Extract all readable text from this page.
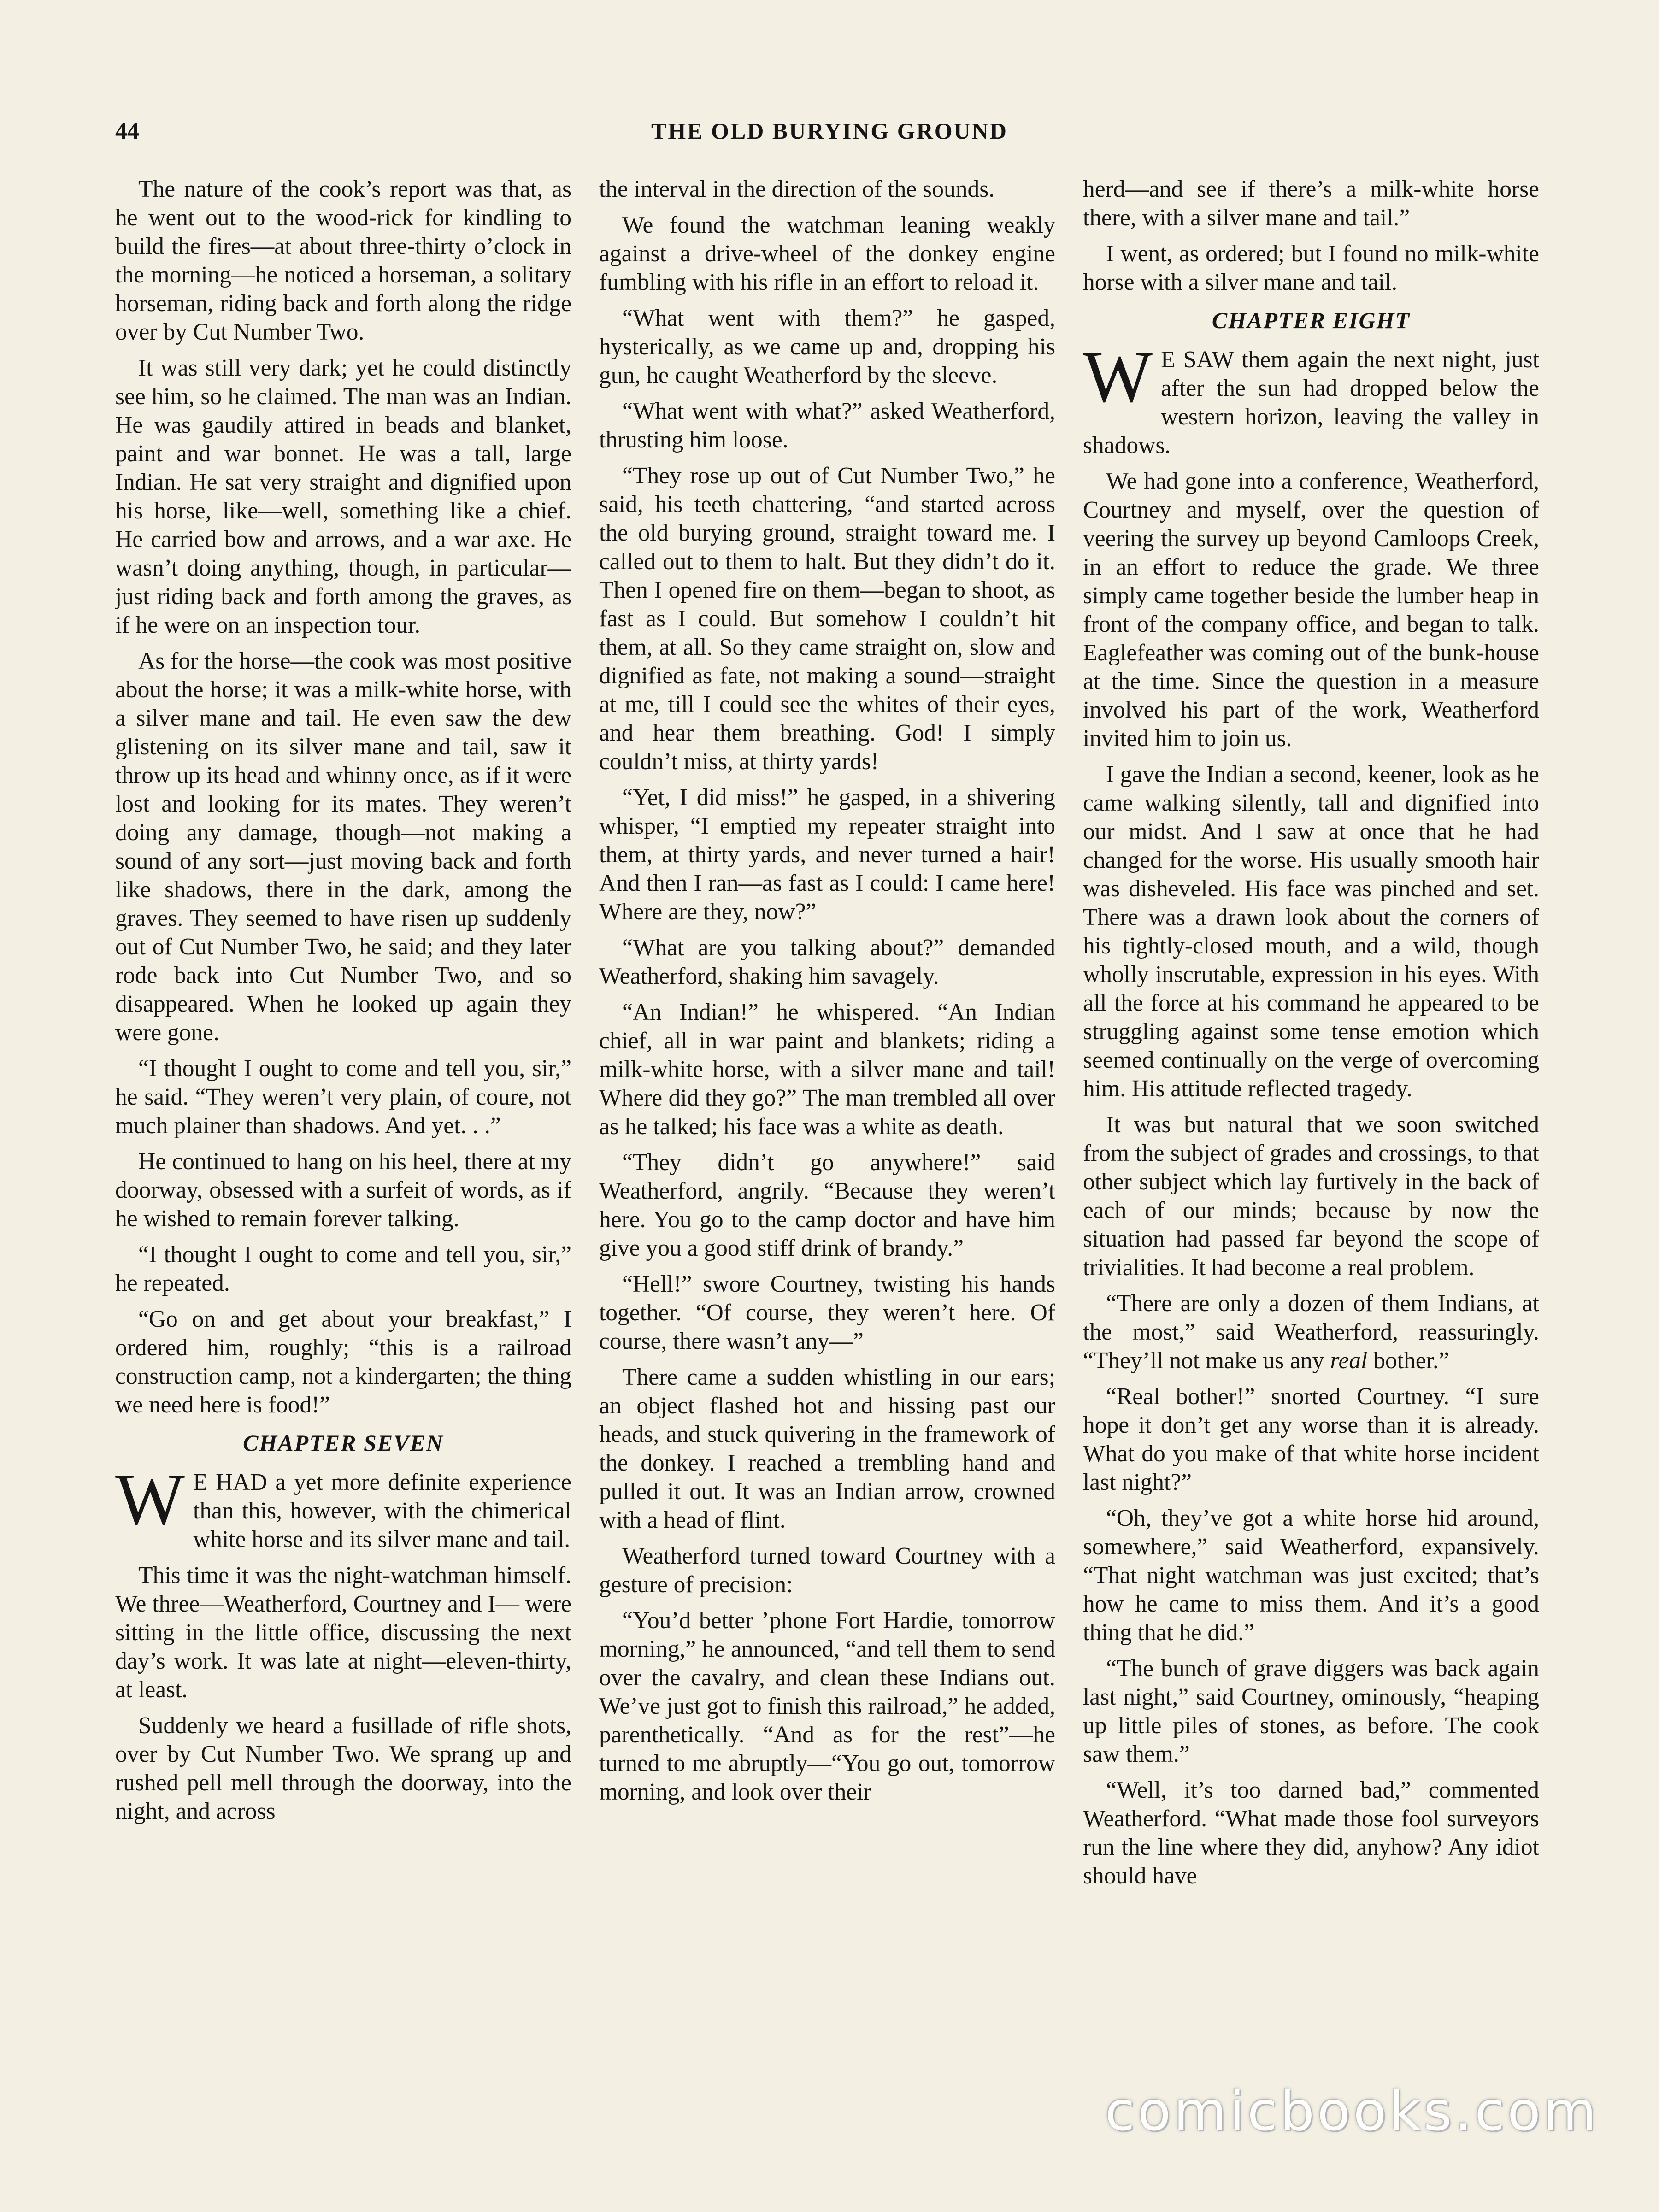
44	THE OLD BURYING GROUND

The nature of the cook’s report was that, as he went out to the wood-rick for kindling to build the fires—at about three-thirty o’clock in the morning—he noticed a horseman, a solitary horseman, riding back and forth along the ridge over by Cut Number Two.

It was still very dark; yet he could distinctly see him, so he claimed. The man was an Indian. He was gaudily attired in beads and blanket, paint and war bonnet. He was a tall, large Indian. He sat very straight and dignified upon his horse, like—well, something like a chief. He carried bow and arrows, and a war axe. He wasn’t doing anything, though, in particular—just riding back and forth among the graves, as if he were on an inspection tour.

As for the horse—the cook was most positive about the horse; it was a milk-white horse, with a silver mane and tail. He even saw the dew glistening on its silver mane and tail, saw it throw up its head and whinny once, as if it were lost and looking for its mates. They weren’t doing any damage, though—not making a sound of any sort—just moving back and forth like shadows, there in the dark, among the graves. They seemed to have risen up suddenly out of Cut Number Two, he said; and they later rode back into Cut Number Two, and so disappeared. When he looked up again they were gone.

“I thought I ought to come and tell you, sir,” he said. “They weren’t very plain, of coure, not much plainer than shadows. And yet. . .”

He continued to hang on his heel, there at my doorway, obsessed with a surfeit of words, as if he wished to remain forever talking.

“I thought I ought to come and tell you, sir,” he repeated.

“Go on and get about your breakfast,” I ordered him, roughly; “this is a railroad construction camp, not a kindergarten; the thing we need here is food!”

CHAPTER SEVEN

W E HAD a yet more definite experience than this, however, with the chimerical white horse and its silver mane and tail.

This time it was the night-watchman himself. We three—Weatherford, Courtney and I— were sitting in the little office, discussing the next day’s work. It was late at night—eleven-thirty, at least.

Suddenly we heard a fusillade of rifle shots, over by Cut Number Two. We sprang up and rushed pell mell through the doorway, into the night, and across

the interval in the direction of the sounds.

We found the watchman leaning weakly against a drive-wheel of the donkey engine fumbling with his rifle in an effort to reload it.

“What went with them?” he gasped, hysterically, as we came up and, dropping his gun, he caught Weatherford by the sleeve.

“What went with what?” asked Weatherford, thrusting him loose.

“They rose up out of Cut Number Two,” he said, his teeth chattering, “and started across the old burying ground, straight toward me. I called out to them to halt. But they didn’t do it. Then I opened fire on them—began to shoot, as fast as I could. But somehow I couldn’t hit them, at all. So they came straight on, slow and dignified as fate, not making a sound—straight at me, till I could see the whites of their eyes, and hear them breathing. God! I simply couldn’t miss, at thirty yards!

“Yet, I did miss!” he gasped, in a shivering whisper, “I emptied my repeater straight into them, at thirty yards, and never turned a hair! And then I ran—as fast as I could: I came here! Where are they, now?”

“What are you talking about?” demanded Weatherford, shaking him savagely.

“An Indian!” he whispered. “An Indian chief, all in war paint and blankets; riding a milk-white horse, with a silver mane and tail! Where did they go?” The man trembled all over as he talked; his face was a white as death.

“They didn’t go anywhere!” said Weatherford, angrily. “Because they weren’t here. You go to the camp doctor and have him give you a good stiff drink of brandy.”

“Hell!” swore Courtney, twisting his hands together. “Of course, they weren’t here. Of course, there wasn’t any—”

There came a sudden whistling in our ears; an object flashed hot and hissing past our heads, and stuck quivering in the framework of the donkey. I reached a trembling hand and pulled it out. It was an Indian arrow, crowned with a head of flint.

Weatherford turned toward Courtney with a gesture of precision:

“You’d better ’phone Fort Hardie, tomorrow morning,” he announced, “and tell them to send over the cavalry, and clean these Indians out. We’ve just got to finish this railroad,” he added, parenthetically. “And as for the rest”—he turned to me abruptly—“You go out, tomorrow morning, and look over their

herd—and see if there’s a milk-white horse there, with a silver mane and tail.”

I went, as ordered; but I found no milk-white horse with a silver mane and tail.

CHAPTER EIGHT

W E SAW them again the next night, just after the sun had dropped below the western horizon, leaving the valley in shadows.

We had gone into a conference, Weatherford, Courtney and myself, over the question of veering the survey up beyond Camloops Creek, in an effort to reduce the grade. We three simply came together beside the lumber heap in front of the company office, and began to talk. Eaglefeather was coming out of the bunk-house at the time. Since the question in a measure involved his part of the work, Weatherford invited him to join us.

I gave the Indian a second, keener, look as he came walking silently, tall and dignified into our midst. And I saw at once that he had changed for the worse. His usually smooth hair was disheveled. His face was pinched and set. There was a drawn look about the corners of his tightly-closed mouth, and a wild, though wholly inscrutable, expression in his eyes. With all the force at his command he appeared to be struggling against some tense emotion which seemed continually on the verge of overcoming him. His attitude reflected tragedy.

It was but natural that we soon switched from the subject of grades and crossings, to that other subject which lay furtively in the back of each of our minds; because by now the situation had passed far beyond the scope of trivialities. It had become a real problem.

“There are only a dozen of them Indians, at the most,” said Weatherford, reassuringly. “They’ll not make us any real bother.”

“Real bother!” snorted Courtney. “I sure hope it don’t get any worse than it is already. What do you make of that white horse incident last night?”

“Oh, they’ve got a white horse hid around, somewhere,” said Weatherford, expansively. “That night watchman was just excited; that’s how he came to miss them. And it’s a good thing that he did.”

“The bunch of grave diggers was back again last night,” said Courtney, ominously, “heaping up little piles of stones, as before. The cook saw them.”

“Well, it’s too darned bad,” commented Weatherford. “What made those fool surveyors run the line where they did, anyhow? Any idiot should have

comicbooks.com
